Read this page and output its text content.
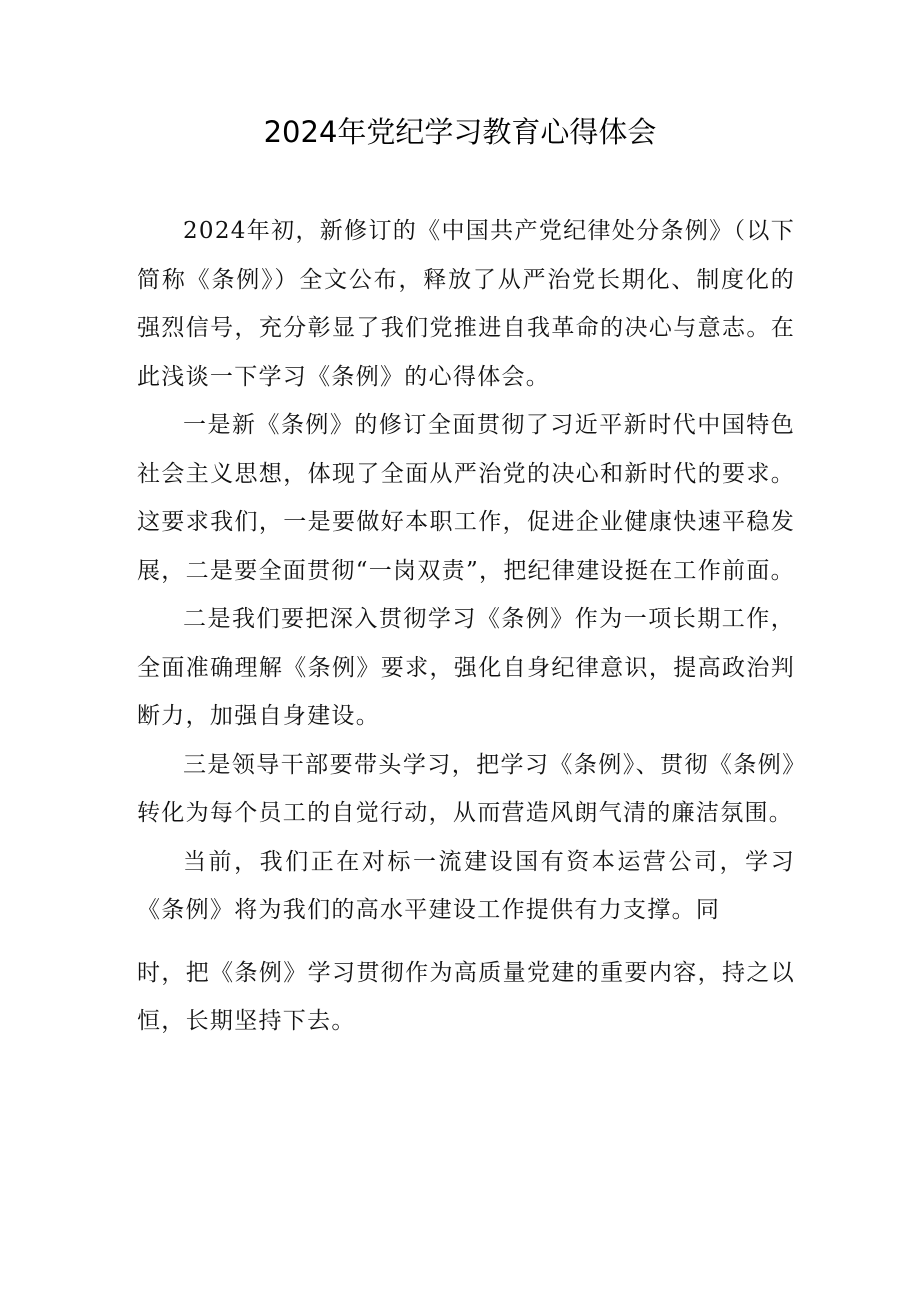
2024年党纪学习教育心得体会

2024年初，新修订的《中国共产党纪律处分条例》（以下简称《条例》）全文公布，释放了从严治党长期化、制度化的强烈信号，充分彰显了我们党推进自我革命的决心与意志。在此浅谈一下学习《条例》的心得体会。

一是新《条例》的修订全面贯彻了习近平新时代中国特色社会主义思想，体现了全面从严治党的决心和新时代的要求。这要求我们，一是要做好本职工作，促进企业健康快速平稳发展，二是要全面贯彻“一岗双责”，把纪律建设挺在工作前面。

二是我们要把深入贯彻学习《条例》作为一项长期工作，全面准确理解《条例》要求，强化自身纪律意识，提高政治判断力，加强自身建设。

三是领导干部要带头学习，把学习《条例》、贯彻《条例》转化为每个员工的自觉行动，从而营造风朗气清的廉洁氛围。

当前，我们正在对标一流建设国有资本运营公司，学习《条例》将为我们的高水平建设工作提供有力支撑。同

时，把《条例》学习贯彻作为高质量党建的重要内容，持之以恒，长期坚持下去。
